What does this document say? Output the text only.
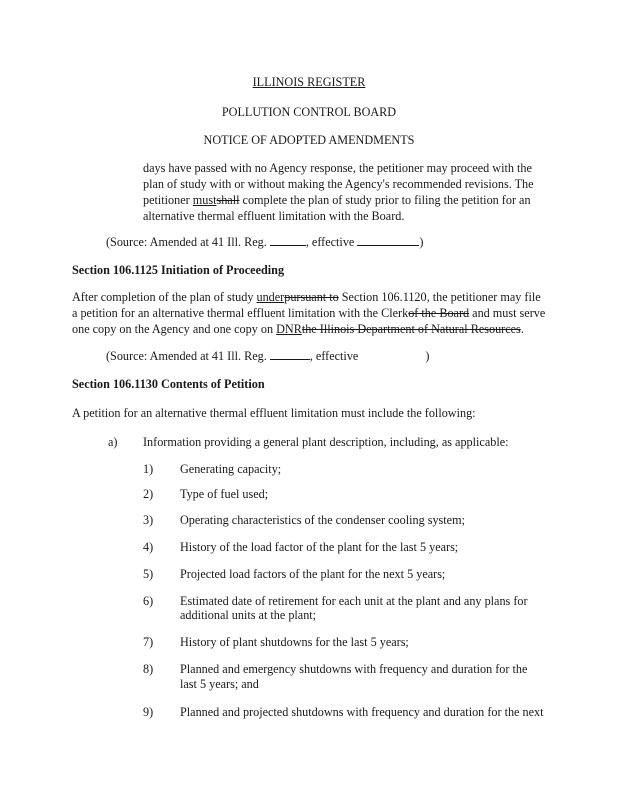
ILLINOIS REGISTER
POLLUTION CONTROL BOARD
NOTICE OF ADOPTED AMENDMENTS
days have passed with no Agency response, the petitioner may proceed with the
plan of study with or without making the Agency's recommended revisions. The
petitioner mustshall complete the plan of study prior to filing the petition for an
alternative thermal effluent limitation with the Board.
(Source: Amended at 41 Ill. Reg.	, effective	)
Section 106.1125 Initiation of Proceeding
After completion of the plan of study underpursuant to Section 106.1120, the petitioner may file
a petition for an alternative thermal effluent limitation with the Clerkof the Board and must serve
one copy on the Agency and one copy on DNRthe Illinois Department of Natural Resources.
(Source: Amended at 41 Ill. Reg.	, effective	)
Section 106.1130 Contents of Petition
A petition for an alternative thermal effluent limitation must include the following:
a) Information providing a general plant description, including, as applicable:
1) Generating capacity;
2) Type of fuel used;
3) Operating characteristics of the condenser cooling system;
4) History of the load factor of the plant for the last 5 years;
5) Projected load factors of the plant for the next 5 years;
6) Estimated date of retirement for each unit at the plant and any plans for
additional units at the plant;
7) History of plant shutdowns for the last 5 years;
8) Planned and emergency shutdowns with frequency and duration for the
last 5 years; and
9) Planned and projected shutdowns with frequency and duration for the next
